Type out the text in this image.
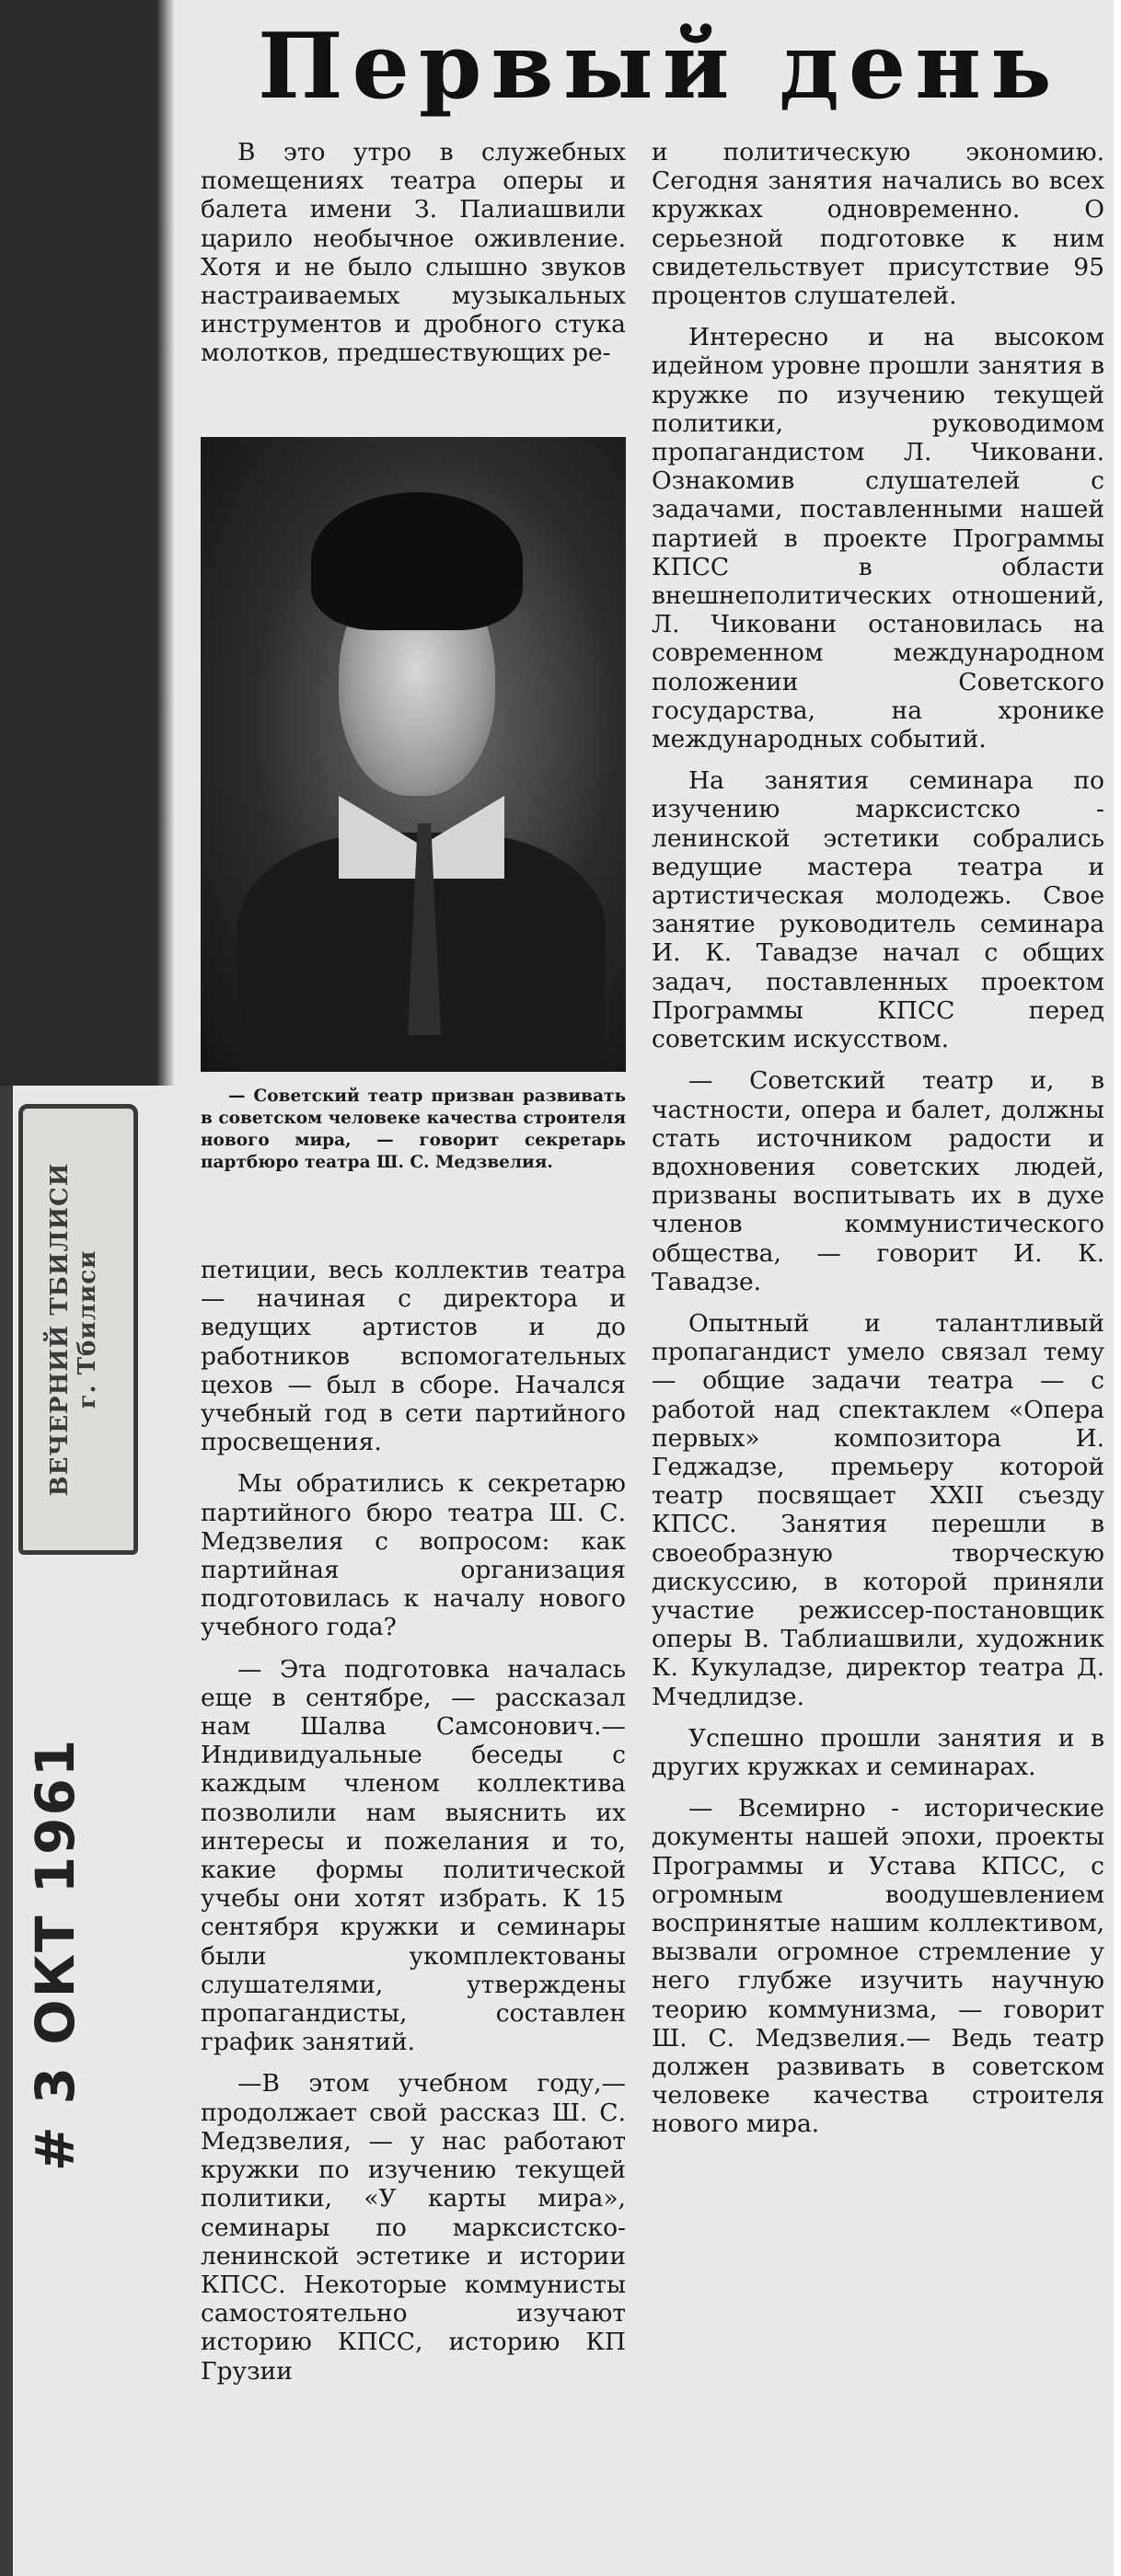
Первый день

В это утро в служебных помещениях театра оперы и балета имени З. Палиашвили царило необычное оживление. Хотя и не было слышно звуков настраиваемых музыкальных инструментов и дробного стука молотков, предшествующих ре-

— Советский театр призван развивать в советском человеке качества строителя нового мира, — говорит секретарь партбюро театра Ш. С. Медзвелия.
ВЕЧЕРНИЙ ТБИЛИСИ г. Тбилиси
# 3 ОКТ 1961

петиции, весь коллектив театра — начиная с директора и ведущих артистов и до работников вспомогательных цехов — был в сборе. Начался учебный год в сети партийного просвещения.

Мы обратились к секретарю партийного бюро театра Ш. С. Медзвелия с вопросом: как партийная организация подготовилась к началу нового учебного года?

— Эта подготовка началась еще в сентябре, — рассказал нам Шалва Самсонович.—Индивидуальные беседы с каждым членом коллектива позволили нам выяснить их интересы и пожелания и то, какие формы политической учебы они хотят избрать. К 15 сентября кружки и семинары были укомплектованы слушателями, утверждены пропагандисты, составлен график занятий.

—В этом учебном году,— продолжает свой рассказ Ш. С. Медзвелия, — у нас работают кружки по изучению текущей политики, «У карты мира», семинары по марксистско-ленинской эстетике и истории КПСС. Некоторые коммунисты самостоятельно изучают историю КПСС, историю КП Грузии

и политическую экономию. Сегодня занятия начались во всех кружках одновременно. О серьезной подготовке к ним свидетельствует присутствие 95 процентов слушателей.

Интересно и на высоком идейном уровне прошли занятия в кружке по изучению текущей политики, руководимом пропагандистом Л. Чиковани. Ознакомив слушателей с задачами, поставленными нашей партией в проекте Программы КПСС в области внешнеполитических отношений, Л. Чиковани остановилась на современном международном положении Советского государства, на хронике международных событий.

На занятия семинара по изучению марксистско - ленинской эстетики собрались ведущие мастера театра и артистическая молодежь. Свое занятие руководитель семинара И. К. Тавадзе начал с общих задач, поставленных проектом Программы КПСС перед советским искусством.

— Советский театр и, в частности, опера и балет, должны стать источником радости и вдохновения советских людей, призваны воспитывать их в духе членов коммунистического общества, — говорит И. К. Тавадзе.

Опытный и талантливый пропагандист умело связал тему — общие задачи театра — с работой над спектаклем «Опера первых» композитора И. Геджадзе, премьеру которой театр посвящает XXII съезду КПСС. Занятия перешли в своеобразную творческую дискуссию, в которой приняли участие режиссер-постановщик оперы В. Таблиашвили, художник К. Кукуладзе, директор театра Д. Мчедлидзе.

Успешно прошли занятия и в других кружках и семинарах.

— Всемирно - исторические документы нашей эпохи, проекты Программы и Устава КПСС, с огромным воодушевлением воспринятые нашим коллективом, вызвали огромное стремление у него глубже изучить научную теорию коммунизма, — говорит Ш. С. Медзвелия.— Ведь театр должен развивать в советском человеке качества строителя нового мира.
